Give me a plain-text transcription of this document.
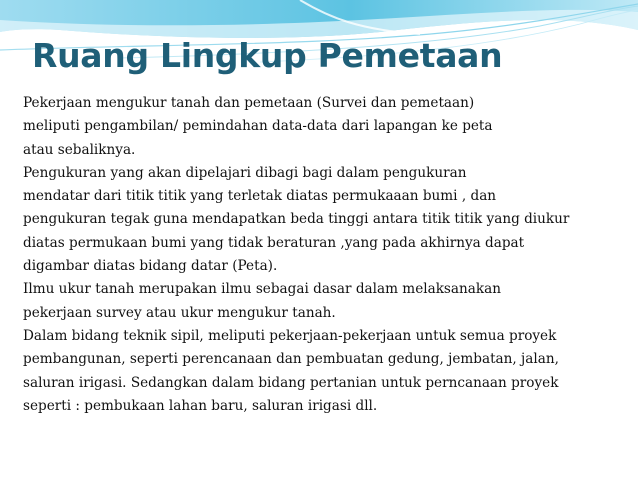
Ruang Lingkup Pemetaan
Pekerjaan mengukur tanah dan pemetaan (Survei dan pemetaan)
meliputi pengambilan/ pemindahan data-data dari lapangan ke peta
atau sebaliknya.
Pengukuran yang akan dipelajari dibagi bagi dalam pengukuran
mendatar dari titik titik yang terletak diatas permukaaan bumi , dan
pengukuran tegak guna mendapatkan beda tinggi antara titik titik yang diukur
diatas permukaan bumi yang tidak beraturan ,yang pada akhirnya dapat
digambar diatas bidang datar (Peta).
Ilmu ukur tanah merupakan ilmu sebagai dasar dalam melaksanakan
pekerjaan survey atau ukur mengukur tanah.
Dalam bidang teknik sipil, meliputi pekerjaan-pekerjaan untuk semua proyek
pembangunan, seperti perencanaan dan pembuatan gedung, jembatan, jalan,
saluran irigasi. Sedangkan dalam bidang pertanian untuk perncanaan proyek
seperti : pembukaan lahan baru, saluran irigasi dll.
